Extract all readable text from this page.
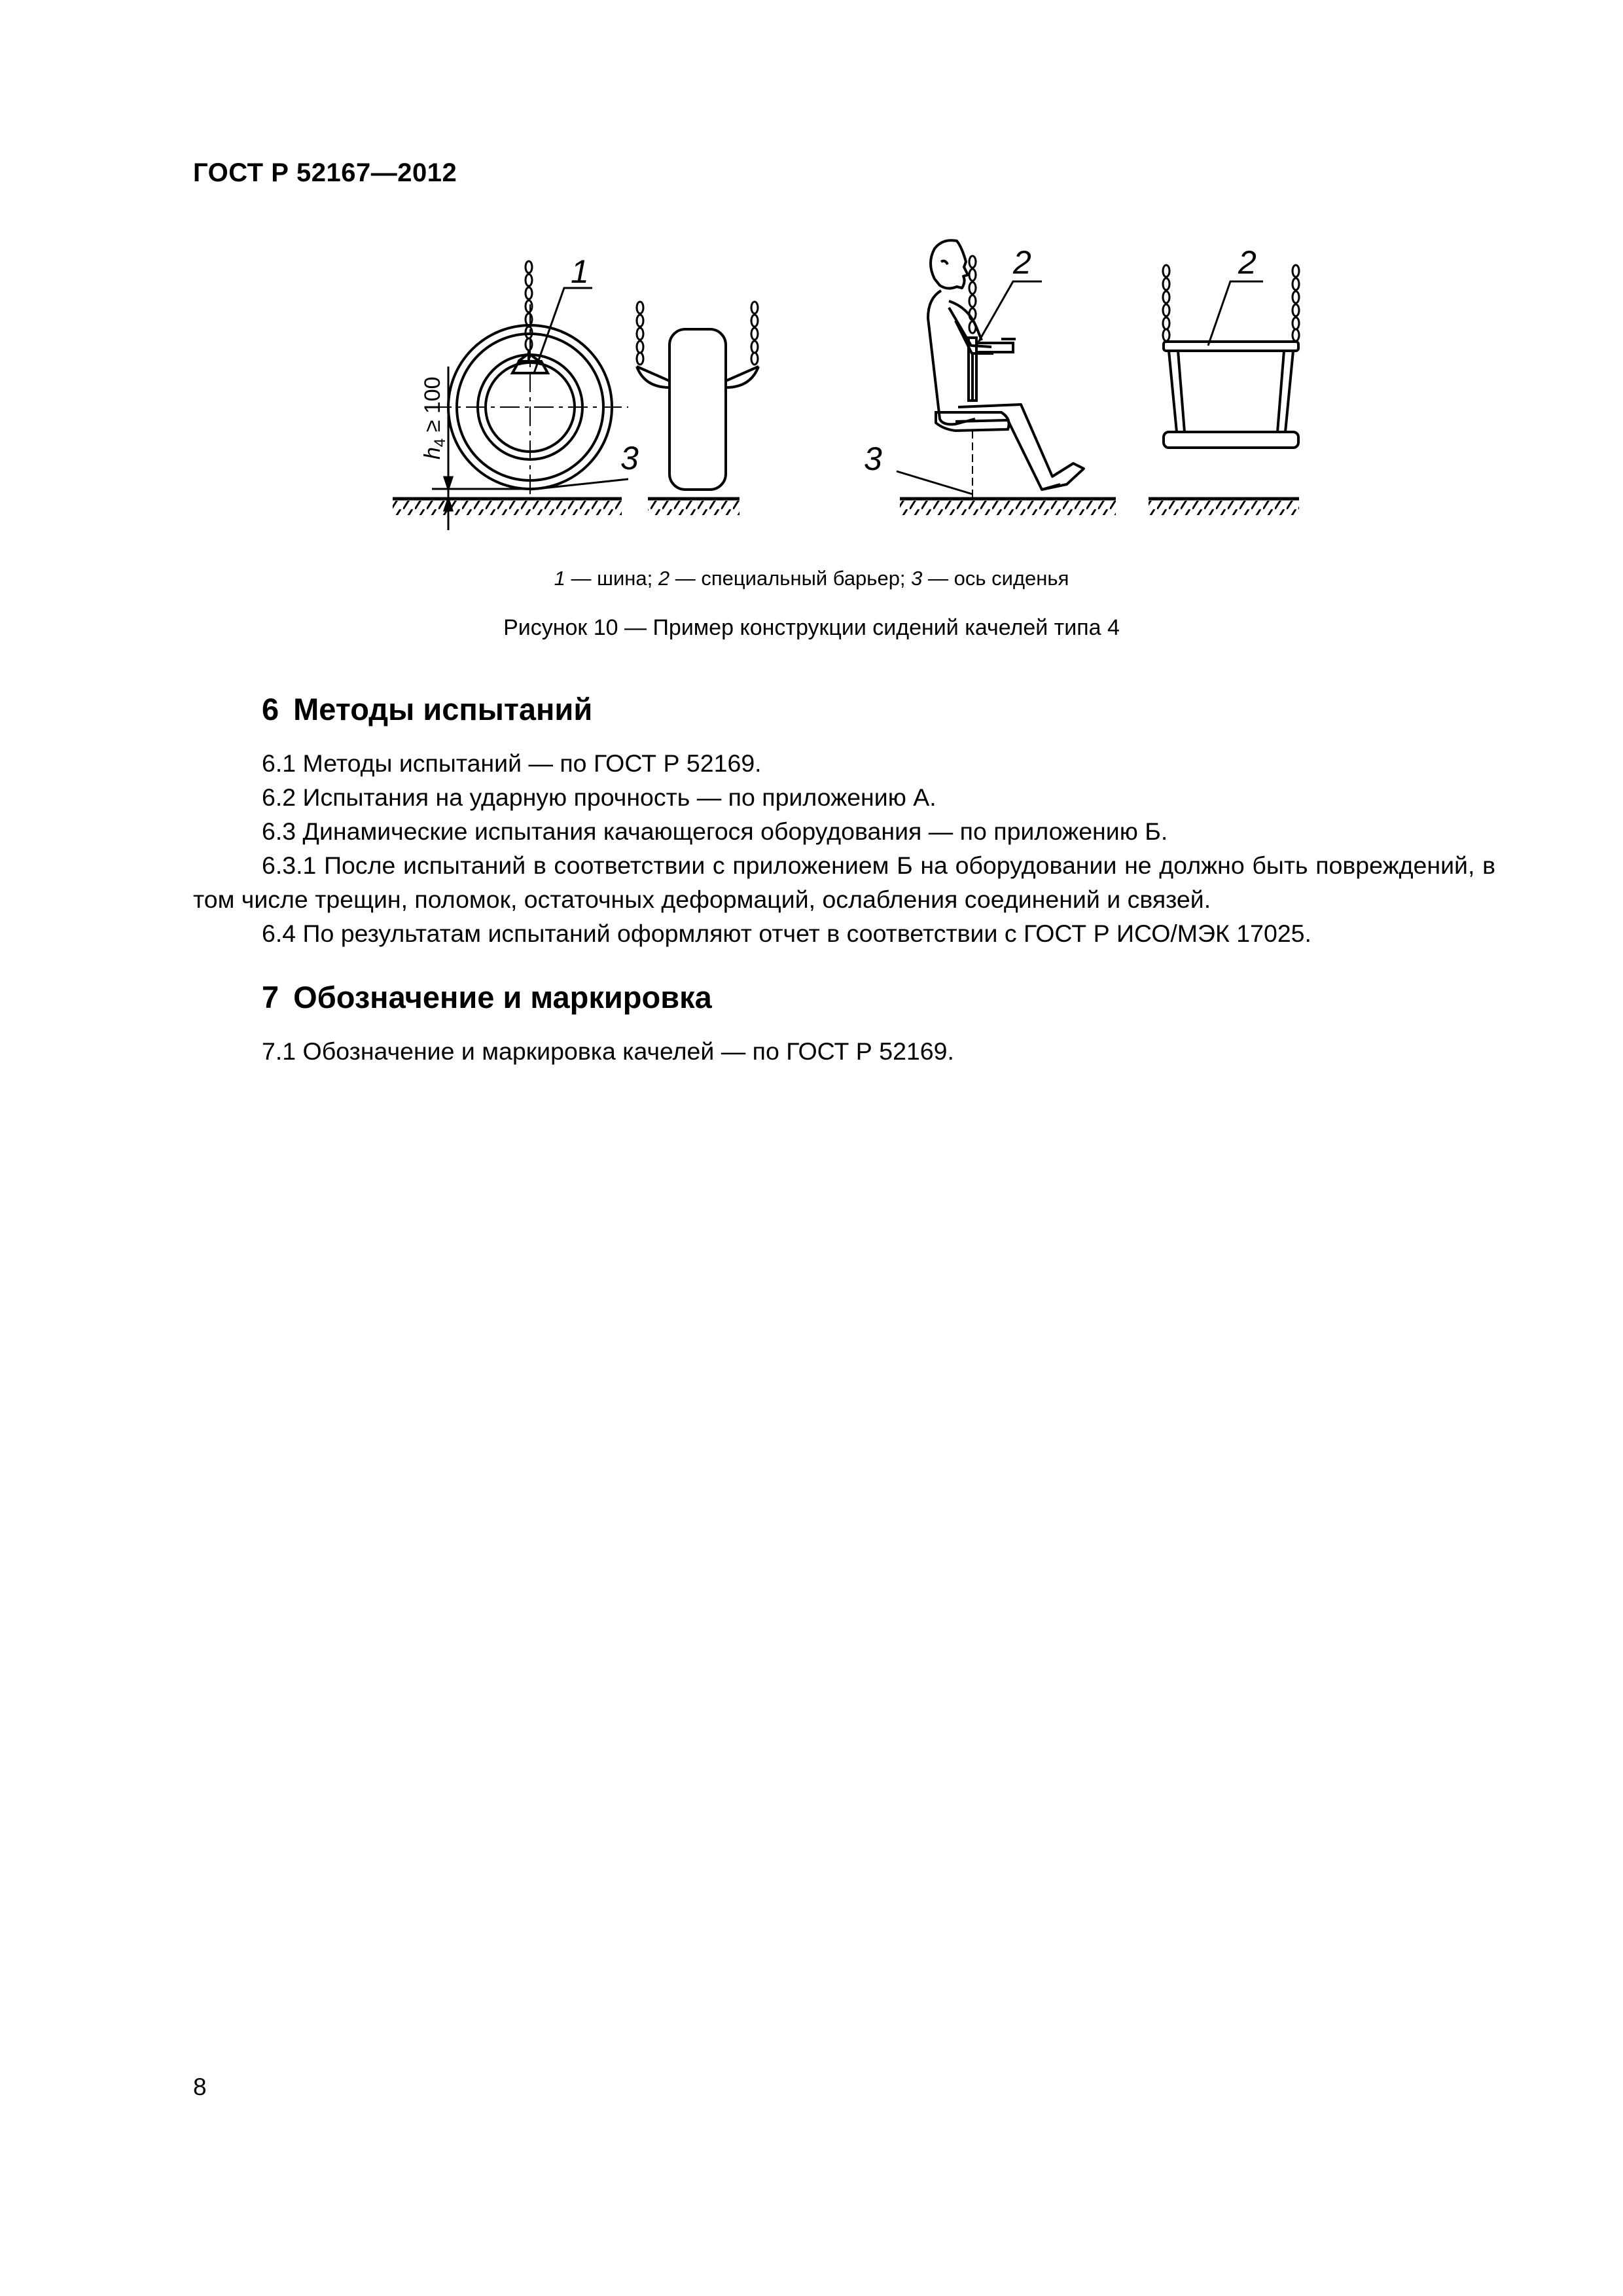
ГОСТ Р 52167—2012
1
3
$h_4 \ge 100$
3
2	2
1 — шина; 2 — специальный барьер; 3 — ось сиденья
Рисунок 10 — Пример конструкции сидений качелей типа 4
6 Методы испытаний
6.1 Методы испытаний — по ГОСТ Р 52169.
6.2 Испытания на ударную прочность — по приложению А.
6.3 Динамические испытания качающегося оборудования — по приложению Б.
6.3.1 После испытаний в соответствии с приложением Б на оборудовании не должно быть повреждений, в том числе трещин, поломок, остаточных деформаций, ослабления соединений и связей.
6.4 По результатам испытаний оформляют отчет в соответствии с ГОСТ Р ИСО/МЭК 17025.
7 Обозначение и маркировка
7.1 Обозначение и маркировка качелей — по ГОСТ Р 52169.
8
